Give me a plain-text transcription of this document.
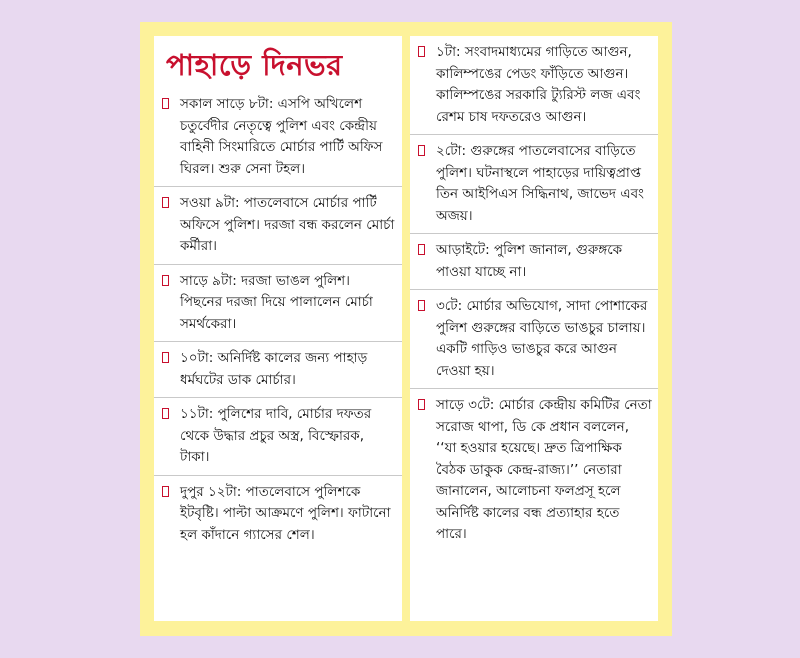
পাহাড়ে দিনভর
সকাল সাড়ে ৮টা: এসপি অখিলেশ চতুর্বেদীর নেতৃত্বে পুলিশ এবং কেন্দ্রীয় বাহিনী সিংমারিতে মোর্চার পার্টি অফিস ঘিরল। শুরু সেনা টহল।
সওয়া ৯টা: পাতলেবাসে মোর্চার পার্টি অফিসে পুলিশ। দরজা বন্ধ করলেন মোর্চা কর্মীরা।
সাড়ে ৯টা: দরজা ভাঙল পুলিশ। পিছনের দরজা দিয়ে পালালেন মোর্চা সমর্থকেরা।
১০টা: অনির্দিষ্ট কালের জন্য পাহাড় ধর্মঘটের ডাক মোর্চার।
১১টা: পুলিশের দাবি, মোর্চার দফতর থেকে উদ্ধার প্রচুর অস্ত্র, বিস্ফোরক, টাকা।
দুপুর ১২টা: পাতলেবাসে পুলিশকে ইটবৃষ্টি। পাল্টা আক্রমণে পুলিশ। ফাটানো হল কাঁদানে গ্যাসের শেল।
১টা: সংবাদমাধ্যমের গাড়িতে আগুন, কালিম্পঙের পেডং ফাঁড়িতে আগুন। কালিম্পঙের সরকারি ট্যুরিস্ট লজ এবং রেশম চাষ দফতরেও আগুন।
২টো: গুরুঙ্গের পাতলেবাসের বাড়িতে পুলিশ। ঘটনাস্থলে পাহাড়ের দায়িত্বপ্রাপ্ত তিন আইপিএস সিদ্ধিনাথ, জাভেদ এবং অজয়।
আড়াইটে: পুলিশ জানাল, গুরুঙ্গকে পাওয়া যাচ্ছে না।
৩টে: মোর্চার অভিযোগ, সাদা পোশাকের পুলিশ গুরুঙ্গের বাড়িতে ভাঙচুর চালায়। একটি গাড়িও ভাঙচুর করে আগুন দেওয়া হয়।
সাড়ে ৩টে: মোর্চার কেন্দ্রীয় কমিটির নেতা সরোজ থাপা, ডি কে প্রধান বললেন, ‘‘যা হওয়ার হয়েছে। দ্রুত ত্রিপাক্ষিক বৈঠক ডাকুক কেন্দ্র-রাজ্য।’’ নেতারা জানালেন, আলোচনা ফলপ্রসূ হলে অনির্দিষ্ট কালের বন্ধ প্রত্যাহার হতে পারে।
